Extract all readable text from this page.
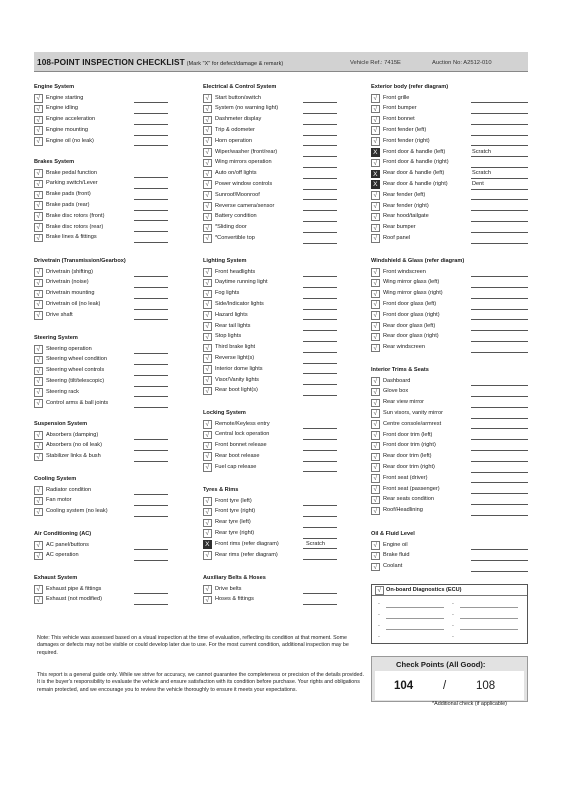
108-POINT INSPECTION CHECKLIST (Mark "X" for defect/damage & remark)	Vehicle Ref.: 7415E	Auction No: A2512-010
Engine System
√	Engine starting
√	Engine idling
√	Engine acceleration
√	Engine mounting
√	Engine oil (no leak)
Brakes System
√	Brake pedal function
√	Parking switch/Lever
√	Brake pads (front)
√	Brake pads (rear)
√	Brake disc rotors (front)
√	Brake disc rotors (rear)
√	Brake lines & fittings
Drivetrain (Transmission/Gearbox)
√	Drivetrain (shifting)
√	Drivetrain (noise)
√	Drivetrain mounting
√	Drivetrain oil (no leak)
√	Drive shaft
Steering System
√	Steering operation
√	Steering wheel condition
√	Steering wheel controls
√	Steering (tilt/telescopic)
√	Steering rack
√	Control arms & ball joints
Suspension System
√	Absorbers (damping)
√	Absorbers (no oil leak)
√	Stabilizer links & bush
Cooling System
√	Radiator condition
√	Fan motor
√	Cooling system (no leak)
Air Conditioning (AC)
√	AC panel/buttons
√	AC operation
Exhaust System
√	Exhaust pipe & fittings
√	Exhaust (not modified)
Electrical & Control System
√	Start button/switch
√	System (no warning light)
√	Dashmeter display
√	Trip & odometer
√	Horn operation
√	Wiper/washer (front/rear)
√	Wing mirrors operation
√	Auto on/off lights
√	Power window controls
√	Sunroof/Moonroof
√	Reverse camera/sensor
√	Battery condition
√	*Sliding door
√	*Convertible top
Lighting System
√	Front headlights
√	Daytime running light
√	Fog lights
√	Side/Indicator lights
√	Hazard lights
√	Rear tail lights
√	Stop lights
√	Third brake light
√	Reverse light(s)
√	Interior dome lights
√	Visor/Vanity lights
√	Rear boot light(s)
Locking System
√	Remote/Keyless entry
√	Central lock operation
√	Front bonnet release
√	Rear boot release
√	Fuel cap release
Tyres & Rims
√	Front tyre (left)
√	Front tyre (right)
√	Rear tyre (left)
√	Rear tyre (right)
X Front rims (refer diagram)	Scratch
√	Rear rims (refer diagram)
Auxiliary Belts & Hoses
√	Drive belts
√	Hoses & fittings
Exterior body (refer diagram)
√	Front grille
√	Front bumper
√	Front bonnet
√	Front fender (left)
√	Front fender (right)
X Front door & handle (left)	Scratch
√	Front door & handle (right)
X Rear door & handle (left)	Scratch
X Rear door & handle (right)	Dent
√	Rear fender (left)
√	Rear fender (right)
√	Rear hood/tailgate
√	Rear bumper
√	Roof panel
Windshield & Glass (refer diagram)
√	Front windscreen
√	Wing mirror glass (left)
√	Wing mirror glass (right)
√	Front door glass (left)
√	Front door glass (right)
√	Rear door glass (left)
√	Rear door glass (right)
√	Rear windscreen
Interior Trims & Seats
√	Dashboard
√	Glove box
√	Rear view mirror
√	Sun visors, vanity mirror
√	Centre console/armrest
√	Front door trim (left)
√	Front door trim (right)
√	Rear door trim (left)
√	Rear door trim (right)
√	Front seat (driver)
√	Front seat (passenger)
√	Rear seats condition
√	Roof/Headlining
Oil & Fluid Level
√	Engine oil
√	Brake fluid
√	Coolant
√ On-board Diagnostics (ECU)
-
-
-
-
-
-
-
-
Note: This vehicle was assessed based on a visual inspection at the time of evaluation, reflecting its condition at that moment. Some damages or defects may not be visible or could develop later due to use. For the most current condition, additional inspection may be required.
This report is a general guide only. While we strive for accuracy, we cannot guarantee the completeness or precision of the details provided. It is the buyer's responsibility to evaluate the vehicle and ensure satisfaction with its condition before purchase. Your rights and obligations remain protected, and we encourage you to review the vehicle thoroughly to ensure it meets your expectations.
Check Points (All Good):
104	/	108
*Additional check (if applicable)
